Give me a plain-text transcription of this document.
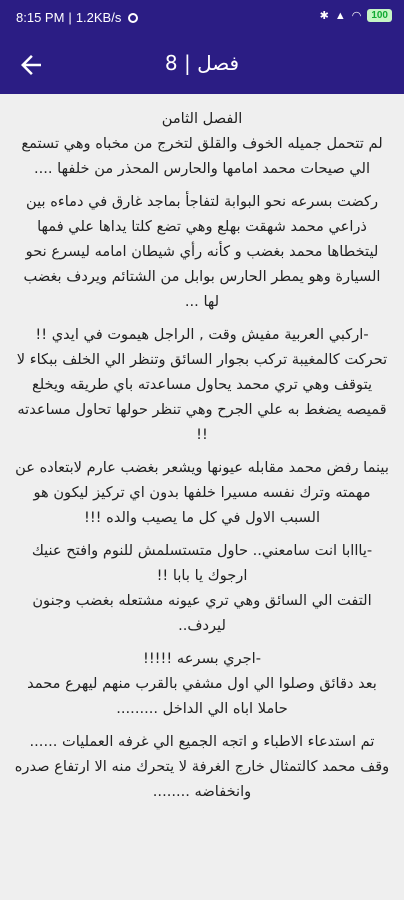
8:15 PM | 1.2KB/s	✱ ▲ ◠ 100
فصل | 8

الفصل الثامن
لم تتحمل جميله الخوف والقلق لتخرج من مخباه وهي تستمع الي صيحات محمد امامها والحارس المحذر من خلفها ....

ركضت بسرعه نحو البوابة لتفاجأ بماجد غارق في دماءه بين ذراعي محمد شهقت بهلع وهي تضع كلتا يداها علي فمها ليتخطاها محمد بغضب و كأنه رأي شيطان امامه ليسرع نحو السيارة وهو يمطر الحارس بوابل من الشتائم ويردف بغضب لها ...

-اركبي العربية مفيش وقت , الراجل هيموت في ايدي !!
تحركت كالمغيبة تركب بجوار السائق وتنظر الي الخلف ببكاء لا يتوقف وهي تري محمد يحاول مساعدته باي طريقه ويخلع قميصه يضغط به علي الجرح وهي تنظر حولها تحاول مساعدته !!

بينما رفض محمد مقابله عيونها ويشعر بغضب عارم لابتعاده عن مهمته وترك نفسه مسيرا خلفها بدون اي تركيز ليكون هو السبب الاول في كل ما يصيب والده !!!

-يااابا انت سامعني.. حاول متستسلمش للنوم وافتح عنيك ارجوك يا بابا !!
التفت الي السائق وهي تري عيونه مشتعله بغضب وجنون ليردف..

-اجري بسرعه !!!!!
بعد دقائق وصلوا الي اول مشفي بالقرب منهم ليهرع محمد حاملا اباه الي الداخل .........

تم استدعاء الاطباء و اتجه الجميع الي غرفه العمليات ......
وقف محمد كالتمثال خارج الغرفة لا يتحرك منه الا ارتفاع صدره وانخفاضه ........
